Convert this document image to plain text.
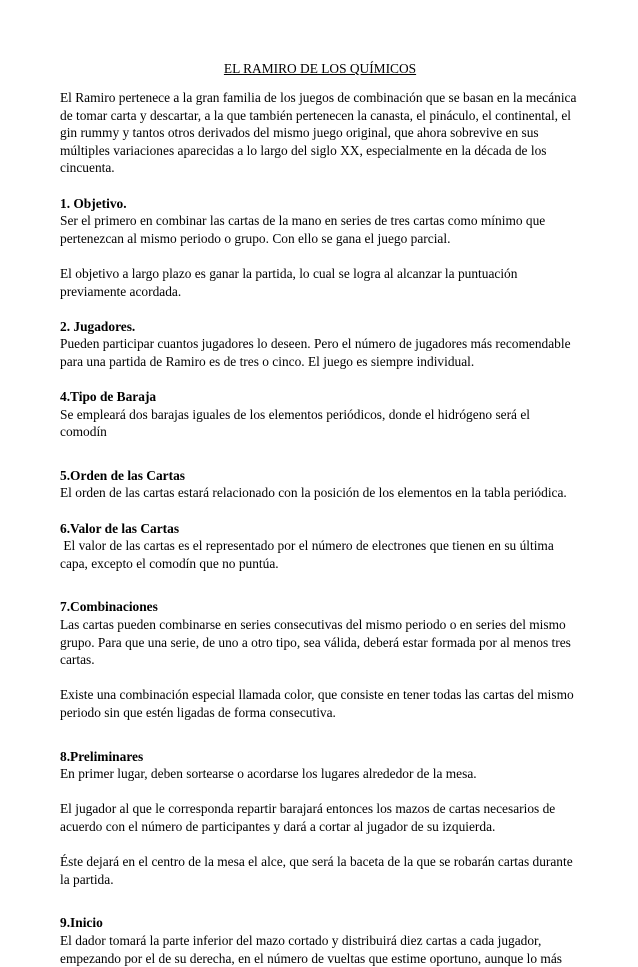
EL RAMIRO DE LOS QUÍMICOS

El Ramiro pertenece a la gran familia de los juegos de combinación que se basan en la mecánica de tomar carta y descartar, a la que también pertenecen la canasta, el pináculo, el continental, el gin rummy y tantos otros derivados del mismo juego original, que ahora sobrevive en sus múltiples variaciones aparecidas a lo largo del siglo XX, especialmente en la década de los cincuenta.

1. Objetivo.

Ser el primero en combinar las cartas de la mano en series de tres cartas como mínimo que pertenezcan al mismo periodo o grupo. Con ello se gana el juego parcial.

El objetivo a largo plazo es ganar la partida, lo cual se logra al alcanzar la puntuación previamente acordada.

2. Jugadores.

Pueden participar cuantos jugadores lo deseen. Pero el número de jugadores más recomendable para una partida de Ramiro es de tres o cinco. El juego es siempre individual.

4.Tipo de Baraja

Se empleará dos barajas iguales de los elementos periódicos, donde el hidrógeno será el comodín

5.Orden de las Cartas

El orden de las cartas estará relacionado con la posición de los elementos en la tabla periódica.

6.Valor de las Cartas

El valor de las cartas es el representado por el número de electrones que tienen en su última capa, excepto el comodín que no puntúa.

7.Combinaciones

Las cartas pueden combinarse en series consecutivas del mismo periodo o en series del mismo grupo. Para que una serie, de uno a otro tipo, sea válida, deberá estar formada por al menos tres cartas.

Existe una combinación especial llamada color, que consiste en tener todas las cartas del mismo periodo sin que estén ligadas de forma consecutiva.

8.Preliminares

En primer lugar, deben sortearse o acordarse los lugares alrededor de la mesa.

El jugador al que le corresponda repartir barajará entonces los mazos de cartas necesarios de acuerdo con el número de participantes y dará a cortar al jugador de su izquierda.

Éste dejará en el centro de la mesa el alce, que será la baceta de la que se robarán cartas durante la partida.

9.Inicio

El dador tomará la parte inferior del mazo cortado y distribuirá diez cartas a cada jugador, empezando por el de su derecha, en el número de vueltas que estime oportuno, aunque lo más
